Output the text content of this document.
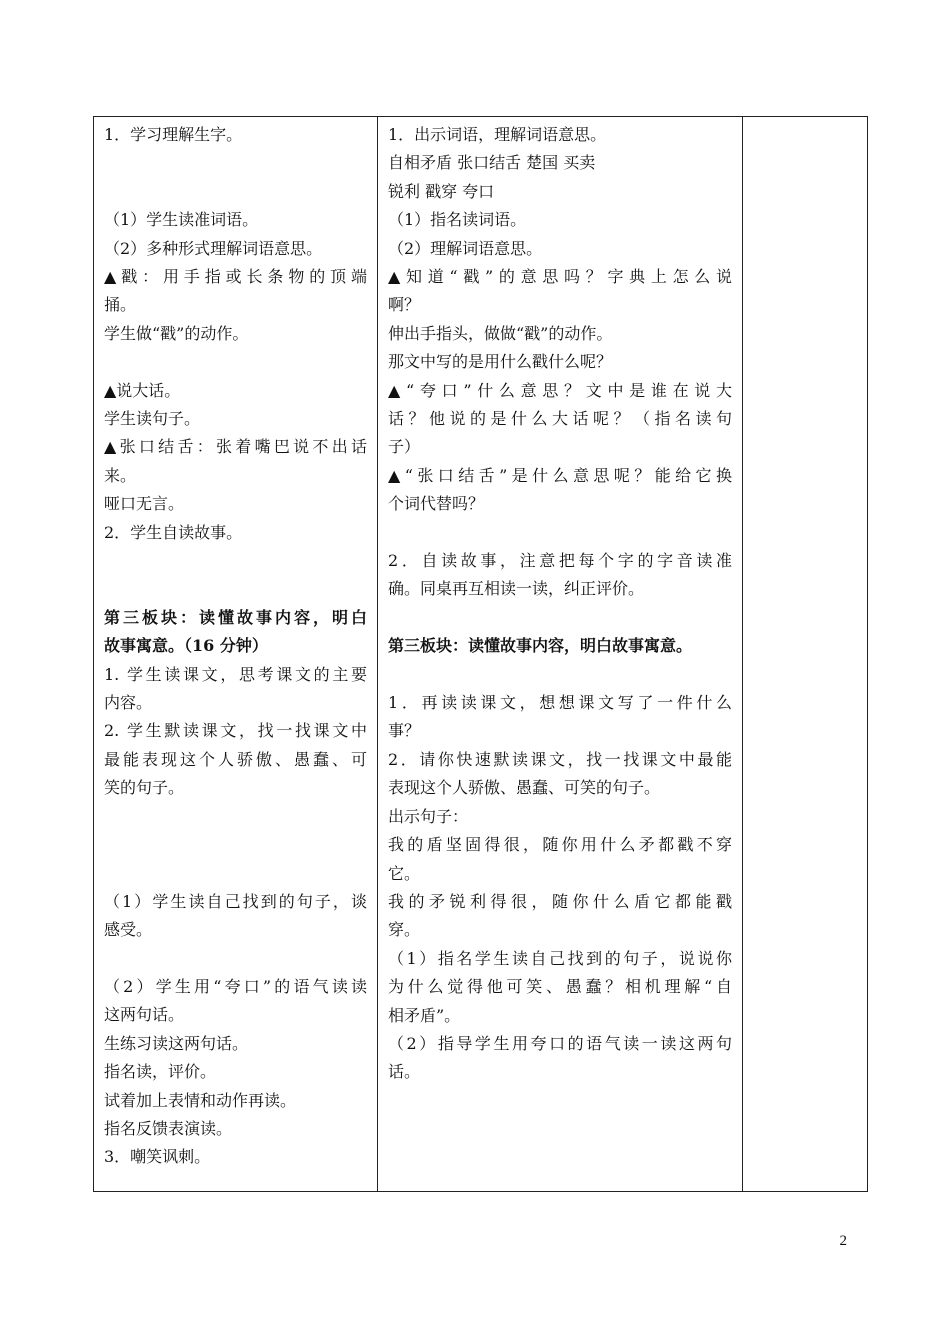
1．学习理解生字。
（1）学生读准词语。
（2）多种形式理解词语意思。
▲戳：用手指或长条物的顶端
捅。
学生做“戳”的动作。
▲说大话。
学生读句子。
▲张口结舌：张着嘴巴说不出话
来。
哑口无言。
2．学生自读故事。
第三板块：读懂故事内容，明白
故事寓意。（16 分钟）
1. 学生读课文，思考课文的主要
内容。
2. 学生默读课文，找一找课文中
最能表现这个人骄傲、愚蠢、可
笑的句子。
（1）学生读自己找到的句子，谈
感受。
（2）学生用“夸口”的语气读读
这两句话。
生练习读这两句话。
指名读，评价。
试着加上表情和动作再读。
指名反馈表演读。
3．嘲笑讽刺。

1．出示词语，理解词语意思。
自相矛盾 张口结舌 楚国 买卖
锐利 戳穿 夸口
（1）指名读词语。
（2）理解词语意思。
▲知道“戳”的意思吗？字典上怎么说
啊？
伸出手指头，做做“戳”的动作。
那文中写的是用什么戳什么呢？
▲“夸口”什么意思？文中是谁在说大
话？他说的是什么大话呢？（指名读句
子）
▲“张口结舌”是什么意思呢？能给它换
个词代替吗？
2．自读故事，注意把每个字的字音读准
确。同桌再互相读一读，纠正评价。
第三板块：读懂故事内容，明白故事寓意。
1．再读读课文，想想课文写了一件什么
事？
2．请你快速默读课文，找一找课文中最能
表现这个人骄傲、愚蠢、可笑的句子。
出示句子：
我的盾坚固得很，随你用什么矛都戳不穿
它。
我的矛锐利得很，随你什么盾它都能戳
穿。
（1）指名学生读自己找到的句子，说说你
为什么觉得他可笑、愚蠢？相机理解“自
相矛盾”。
（2）指导学生用夸口的语气读一读这两句
话。

2
